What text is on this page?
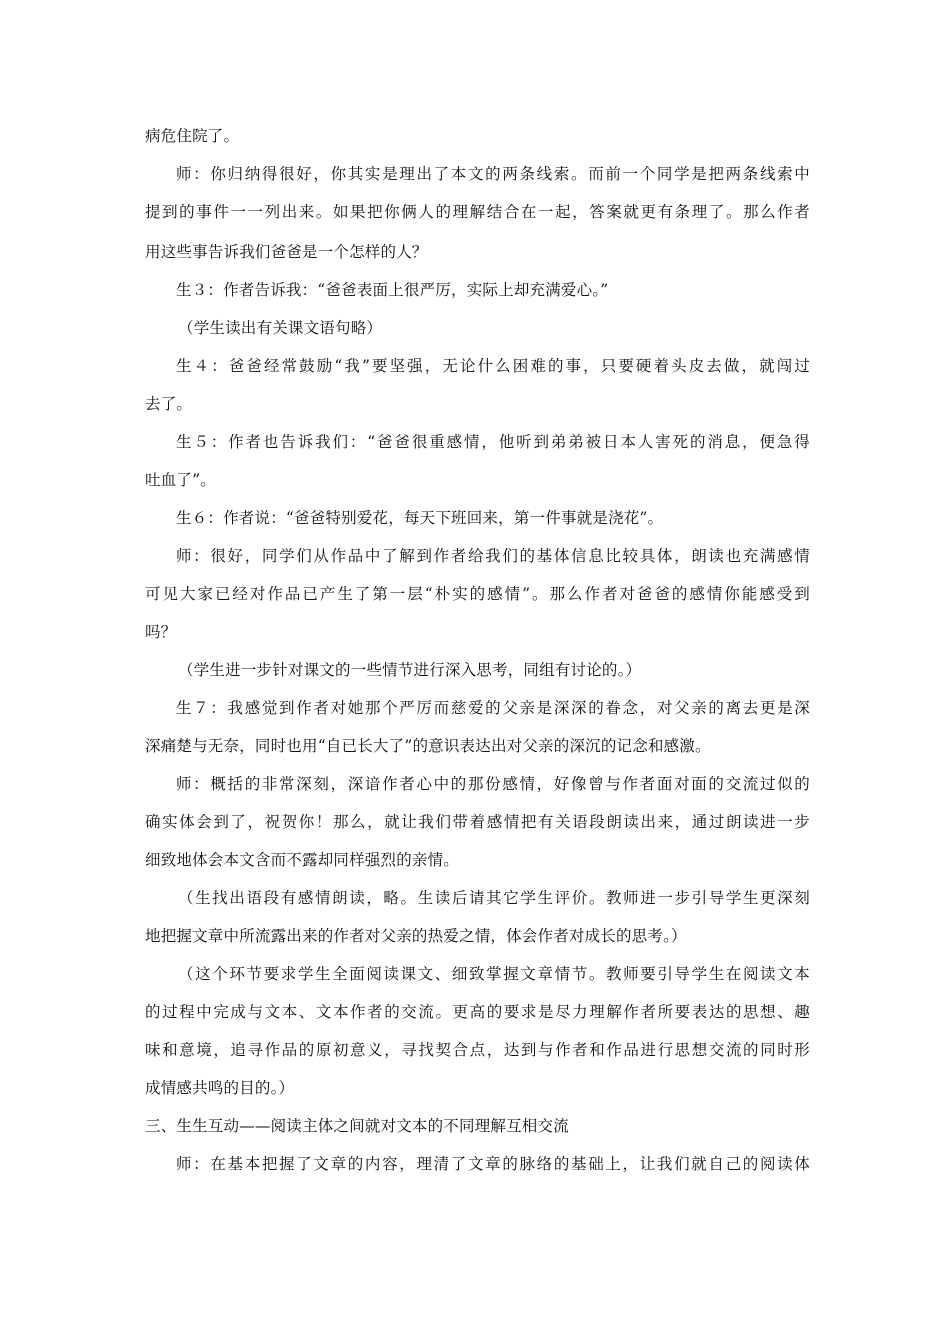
病危住院了。
师：你归纳得很好，你其实是理出了本文的两条线索。而前一个同学是把两条线索中
提到的事件一一列出来。如果把你俩人的理解结合在一起，答案就更有条理了。那么作者
用这些事告诉我们爸爸是一个怎样的人？
生３：作者告诉我：“爸爸表面上很严厉，实际上却充满爱心。”
（学生读出有关课文语句略）
生４：爸爸经常鼓励“我”要坚强，无论什么困难的事，只要硬着头皮去做，就闯过
去了。
生５：作者也告诉我们：“爸爸很重感情，他听到弟弟被日本人害死的消息，便急得
吐血了”。
生６：作者说：“爸爸特别爱花，每天下班回来，第一件事就是浇花”。
师：很好，同学们从作品中了解到作者给我们的基体信息比较具体，朗读也充满感情
可见大家已经对作品已产生了第一层“朴实的感情”。那么作者对爸爸的感情你能感受到
吗？
（学生进一步针对课文的一些情节进行深入思考，同组有讨论的。）
生７：我感觉到作者对她那个严厉而慈爱的父亲是深深的眷念，对父亲的离去更是深
深痛楚与无奈，同时也用“自已长大了”的意识表达出对父亲的深沉的记念和感激。
师：概括的非常深刻，深谙作者心中的那份感情，好像曾与作者面对面的交流过似的
确实体会到了，祝贺你！那么，就让我们带着感情把有关语段朗读出来，通过朗读进一步
细致地体会本文含而不露却同样强烈的亲情。
（生找出语段有感情朗读，略。生读后请其它学生评价。教师进一步引导学生更深刻
地把握文章中所流露出来的作者对父亲的热爱之情，体会作者对成长的思考。）
（这个环节要求学生全面阅读课文、细致掌握文章情节。教师要引导学生在阅读文本
的过程中完成与文本、文本作者的交流。更高的要求是尽力理解作者所要表达的思想、趣
味和意境，追寻作品的原初意义，寻找契合点，达到与作者和作品进行思想交流的同时形
成情感共鸣的目的。）
三、生生互动——阅读主体之间就对文本的不同理解互相交流
师：在基本把握了文章的内容，理清了文章的脉络的基础上，让我们就自己的阅读体
